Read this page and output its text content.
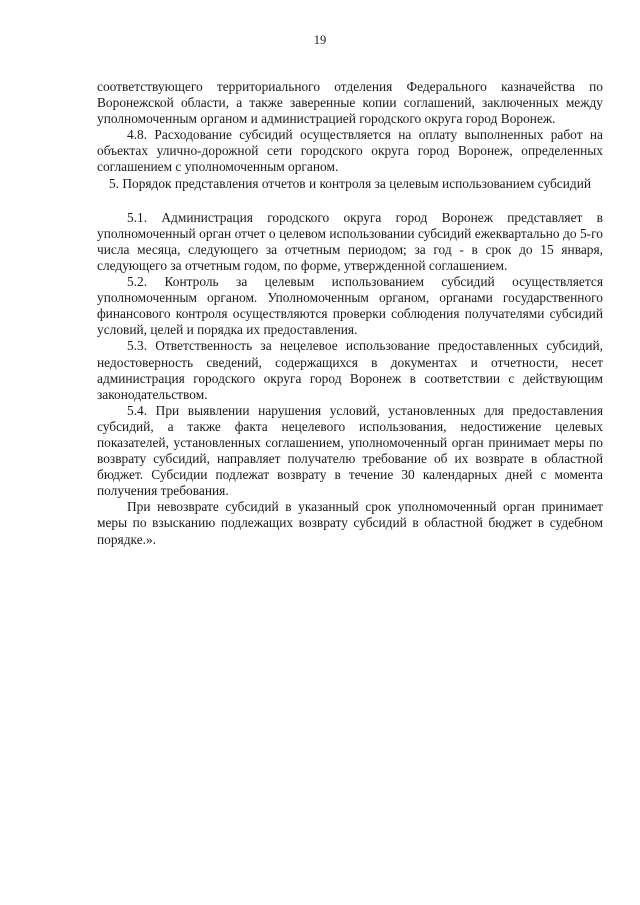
19

соответствующего территориального отделения Федерального казначейства по Воронежской области, а также заверенные копии соглашений, заключенных между уполномоченным органом и администрацией городского округа город Воронеж.

4.8. Расходование субсидий осуществляется на оплату выполненных работ на объектах улично-дорожной сети городского округа город Воронеж, определенных соглашением с уполномоченным органом.

5. Порядок представления отчетов и контроля за целевым использованием субсидий

5.1. Администрация городского округа город Воронеж представляет в уполномоченный орган отчет о целевом использовании субсидий ежеквартально до 5-го числа месяца, следующего за отчетным периодом; за год - в срок до 15 января, следующего за отчетным годом, по форме, утвержденной соглашением.

5.2. Контроль за целевым использованием субсидий осуществляется уполномоченным органом. Уполномоченным органом, органами государственного финансового контроля осуществляются проверки соблюдения получателями субсидий условий, целей и порядка их предоставления.

5.3. Ответственность за нецелевое использование предоставленных субсидий, недостоверность сведений, содержащихся в документах и отчетности, несет администрация городского округа город Воронеж в соответствии с действующим законодательством.

5.4. При выявлении нарушения условий, установленных для предоставления субсидий, а также факта нецелевого использования, недостижение целевых показателей, установленных соглашением, уполномоченный орган принимает меры по возврату субсидий, направляет получателю требование об их возврате в областной бюджет. Субсидии подлежат возврату в течение 30 календарных дней с момента получения требования.

При невозврате субсидий в указанный срок уполномоченный орган принимает меры по взысканию подлежащих возврату субсидий в областной бюджет в судебном порядке.».
